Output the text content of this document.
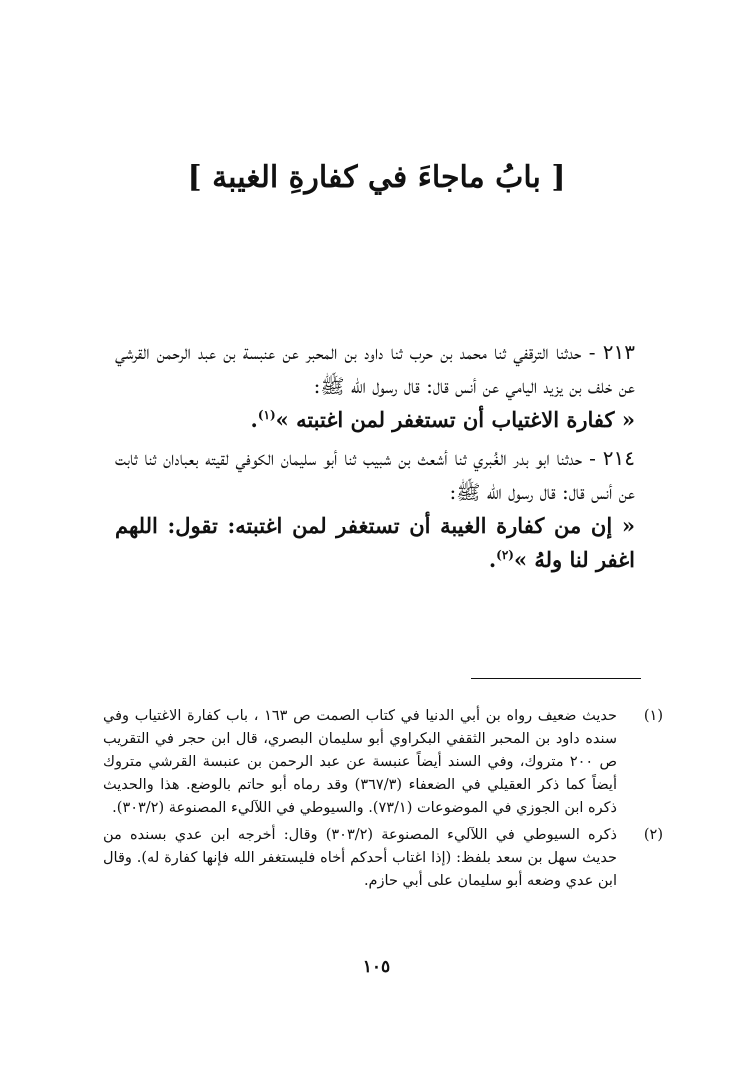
[ بابُ ماجاءَ في كفارةِ الغيبة ]

٢١٣ - حدثنا الترقفي ثنا محمد بن حرب ثنا داود بن المحبر عن عنبسة بن عبد الرحمن القرشي عن خلف بن يزيد اليامي عن أنس قال: قال رسول الله ﷺ:

« كفارة الاغتياب أن تستغفر لمن اغتبته »$^{(١)}$.

٢١٤ - حدثنا ابو بدر الغُبري ثنا أشعث بن شبيب ثنا أبو سليمان الكوفي لقيته بعبادان ثنا ثابت عن أنس قال: قال رسول الله ﷺ:

« إن من كفارة الغيبة أن تستغفر لمن اغتبته: تقول: اللهم اغفر لنا ولهُ »$^{(٢)}$.

(١)
حديث ضعيف رواه بن أبي الدنيا في كتاب الصمت ص ١٦٣ ، باب كفارة الاغتياب وفي سنده داود بن المحبر الثقفي البكراوي أبو سليمان البصري، قال ابن حجر في التقريب ص ٢٠٠ متروك، وفي السند أيضاً عنبسة عن عبد الرحمن بن عنبسة القرشي متروك أيضاً كما ذكر العقيلي في الضعفاء (٣٦٧/٣) وقد رماه أبو حاتم بالوضع. هذا والحديث ذكره ابن الجوزي في الموضوعات (٧٣/١). والسيوطي في اللآليء المصنوعة (٣٠٣/٢).
(٢)
ذكره السيوطي في اللآليء المصنوعة (٣٠٣/٢) وقال: أخرجه ابن عدي بسنده من حديث سهل بن سعد بلفظ: (إذا اغتاب أحدكم أخاه فليستغفر الله فإنها كفارة له). وقال ابن عدي وضعه أبو سليمان على أبي حازم.
١٠٥
